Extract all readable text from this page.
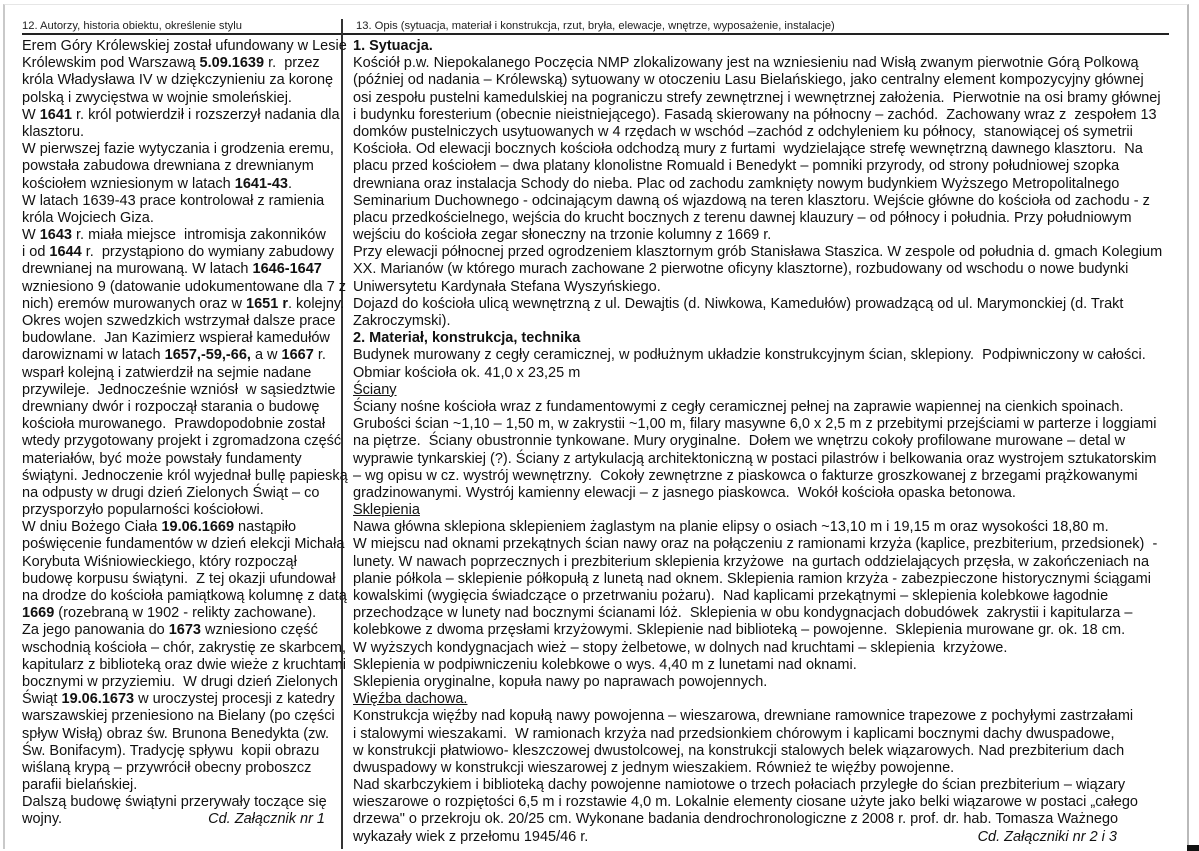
12. Autorzy, historia obiektu, określenie stylu	13. Opis (sytuacja, materiał i konstrukcja, rzut, bryła, elewacje, wnętrze, wyposażenie, instalacje)
Erem Góry Królewskiej został ufundowany w Lesie
Królewskim pod Warszawą 5.09.1639 r.  przez
króla Władysława IV w dziękczynieniu za koronę
polską i zwycięstwa w wojnie smoleńskiej.
W 1641 r. król potwierdził i rozszerzył nadania dla
klasztoru.
W pierwszej fazie wytyczania i grodzenia eremu,
powstała zabudowa drewniana z drewnianym
kościołem wzniesionym w latach 1641-43 .
W latach 1639-43 prace kontrolował z ramienia
króla Wojciech Giza.
W 1643 r. miała miejsce  intromisja zakonników
i od 1644 r.  przystąpiono do wymiany zabudowy
drewnianej na murowaną. W latach 1646-1647
wzniesiono 9 (datowanie udokumentowane dla 7 z
nich) eremów murowanych oraz w 1651 r . kolejny.
Okres wojen szwedzkich wstrzymał dalsze prace
budowlane.  Jan Kazimierz wspierał kamedułów
darowiznami w latach 1657,-59,-66, a w 1667 r.
wsparł kolejną i zatwierdził na sejmie nadane
przywileje.  Jednocześnie wzniósł  w sąsiedztwie
drewniany dwór i rozpoczął starania o budowę
kościoła murowanego.  Prawdopodobnie został
wtedy przygotowany projekt i zgromadzona część
materiałów, być może powstały fundamenty
świątyni. Jednoczenie król wyjednał bullę papieską
na odpusty w drugi dzień Zielonych Świąt – co
przysporzyło popularności kościołowi.
W dniu Bożego Ciała 19.06.1669 nastąpiło
poświęcenie fundamentów w dzień elekcji Michała
Korybuta Wiśniowieckiego, który rozpoczął
budowę korpusu świątyni.  Z tej okazji ufundował
na drodze do kościoła pamiątkową kolumnę z datą
1669 (rozebraną w 1902 - relikty zachowane).
Za jego panowania do 1673 wzniesiono część
wschodnią kościoła – chór, zakrystię ze skarbcem,
kapitularz z biblioteką oraz dwie wieże z kruchtami
bocznymi w przyziemiu.  W drugi dzień Zielonych
Świąt 19.06.1673 w uroczystej procesji z katedry
warszawskiej przeniesiono na Bielany (po części
spływ Wisłą) obraz św. Brunona Benedykta (zw.
Św. Bonifacym). Tradycję spływu  kopii obrazu
wiślaną krypą – przywrócił obecny proboszcz
parafii bielańskiej.
Dalszą budowę świątyni przerywały toczące się
wojny.	Cd. Załącznik nr 1
1. Sytuacja.
Kościół p.w. Niepokalanego Poczęcia NMP zlokalizowany jest na wzniesieniu nad Wisłą zwanym pierwotnie Górą Polkową
(później od nadania – Królewską) sytuowany w otoczeniu Lasu Bielańskiego, jako centralny element kompozycyjny głównej
osi zespołu pustelni kamedulskiej na pograniczu strefy zewnętrznej i wewnętrznej założenia.  Pierwotnie na osi bramy głównej
i budynku foresterium (obecnie nieistniejącego). Fasadą skierowany na północny – zachód.  Zachowany wraz z  zespołem 13
domków pustelniczych usytuowanych w 4 rzędach w wschód –zachód z odchyleniem ku północy,  stanowiącej oś symetrii
Kościoła. Od elewacji bocznych kościoła odchodzą mury z furtami  wydzielające strefę wewnętrzną dawnego klasztoru.  Na
placu przed kościołem – dwa platany klonolistne Romuald i Benedykt – pomniki przyrody, od strony południowej szopka
drewniana oraz instalacja Schody do nieba. Plac od zachodu zamknięty nowym budynkiem Wyższego Metropolitalnego
Seminarium Duchownego - odcinającym dawną oś wjazdową na teren klasztoru. Wejście główne do kościoła od zachodu - z
placu przedkościelnego, wejścia do krucht bocznych z terenu dawnej klauzury – od północy i południa. Przy południowym
wejściu do kościoła zegar słoneczny na trzonie kolumny z 1669 r.
Przy elewacji północnej przed ogrodzeniem klasztornym grób Stanisława Staszica. W zespole od południa d. gmach Kolegium
XX. Marianów (w którego murach zachowane 2 pierwotne oficyny klasztorne), rozbudowany od wschodu o nowe budynki
Uniwersytetu Kardynała Stefana Wyszyńskiego.
Dojazd do kościoła ulicą wewnętrzną z ul. Dewajtis (d. Niwkowa, Kamedułów) prowadzącą od ul. Marymonckiej (d. Trakt
Zakroczymski).
2. Materiał, konstrukcja, technika
Budynek murowany z cegły ceramicznej, w podłużnym układzie konstrukcyjnym ścian, sklepiony.  Podpiwniczony w całości.
Obmiar kościoła ok. 41,0 x 23,25 m
Ściany
Ściany nośne kościoła wraz z fundamentowymi z cegły ceramicznej pełnej na zaprawie wapiennej na cienkich spoinach.
Grubości ścian ~1,10 – 1,50 m, w zakrystii ~1,00 m, filary masywne 6,0 x 2,5 m z przebitymi przejściami w parterze i loggiami
na piętrze.  Ściany obustronnie tynkowane. Mury oryginalne.  Dołem we wnętrzu cokoły profilowane murowane – detal w
wyprawie tynkarskiej (?). Ściany z artykulacją architektoniczną w postaci pilastrów i belkowania oraz wystrojem sztukatorskim
– wg opisu w cz. wystrój wewnętrzny.  Cokoły zewnętrzne z piaskowca o fakturze groszkowanej z brzegami prążkowanymi
gradzinowanymi. Wystrój kamienny elewacji – z jasnego piaskowca.  Wokół kościoła opaska betonowa.
Sklepienia
Nawa główna sklepiona sklepieniem żaglastym na planie elipsy o osiach ~13,10 m i 19,15 m oraz wysokości 18,80 m.
W miejscu nad oknami przekątnych ścian nawy oraz na połączeniu z ramionami krzyża (kaplice, prezbiterium, przedsionek)  -
lunety. W nawach poprzecznych i prezbiterium sklepienia krzyżowe  na gurtach oddzielających przęsła, w zakończeniach na
planie półkola – sklepienie półkopułą z lunetą nad oknem. Sklepienia ramion krzyża - zabezpieczone historycznymi ściągami
kowalskimi (wygięcia świadczące o przetrwaniu pożaru).  Nad kaplicami przekątnymi – sklepienia kolebkowe łagodnie
przechodzące w lunety nad bocznymi ścianami lóż.  Sklepienia w obu kondygnacjach dobudówek  zakrystii i kapitularza –
kolebkowe z dwoma przęsłami krzyżowymi. Sklepienie nad biblioteką – powojenne.  Sklepienia murowane gr. ok. 18 cm.
W wyższych kondygnacjach wież – stopy żelbetowe, w dolnych nad kruchtami – sklepienia  krzyżowe.
Sklepienia w podpiwniczeniu kolebkowe o wys. 4,40 m z lunetami nad oknami.
Sklepienia oryginalne, kopuła nawy po naprawach powojennych.
Więźba dachowa.
Konstrukcja więźby nad kopułą nawy powojenna – wieszarowa, drewniane ramownice trapezowe z pochyłymi zastrzałami
i stalowymi wieszakami.  W ramionach krzyża nad przedsionkiem chórowym i kaplicami bocznymi dachy dwuspadowe,
w konstrukcji płatwiowo- kleszczowej dwustolcowej, na konstrukcji stalowych belek wiązarowych. Nad prezbiterium dach
dwuspadowy w konstrukcji wieszarowej z jednym wieszakiem. Również te więźby powojenne.
Nad skarbczykiem i biblioteką dachy powojenne namiotowe o trzech połaciach przyległe do ścian prezbiterium – wiązary
wieszarowe o rozpiętości 6,5 m i rozstawie 4,0 m. Lokalnie elementy ciosane użyte jako belki wiązarowe w postaci „całego
drzewa" o przekroju ok. 20/25 cm. Wykonane badania dendrochronologiczne z 2008 r. prof. dr. hab. Tomasza Ważnego
wykazały wiek z przełomu 1945/46 r.	Cd. Załączniki nr 2 i 3
